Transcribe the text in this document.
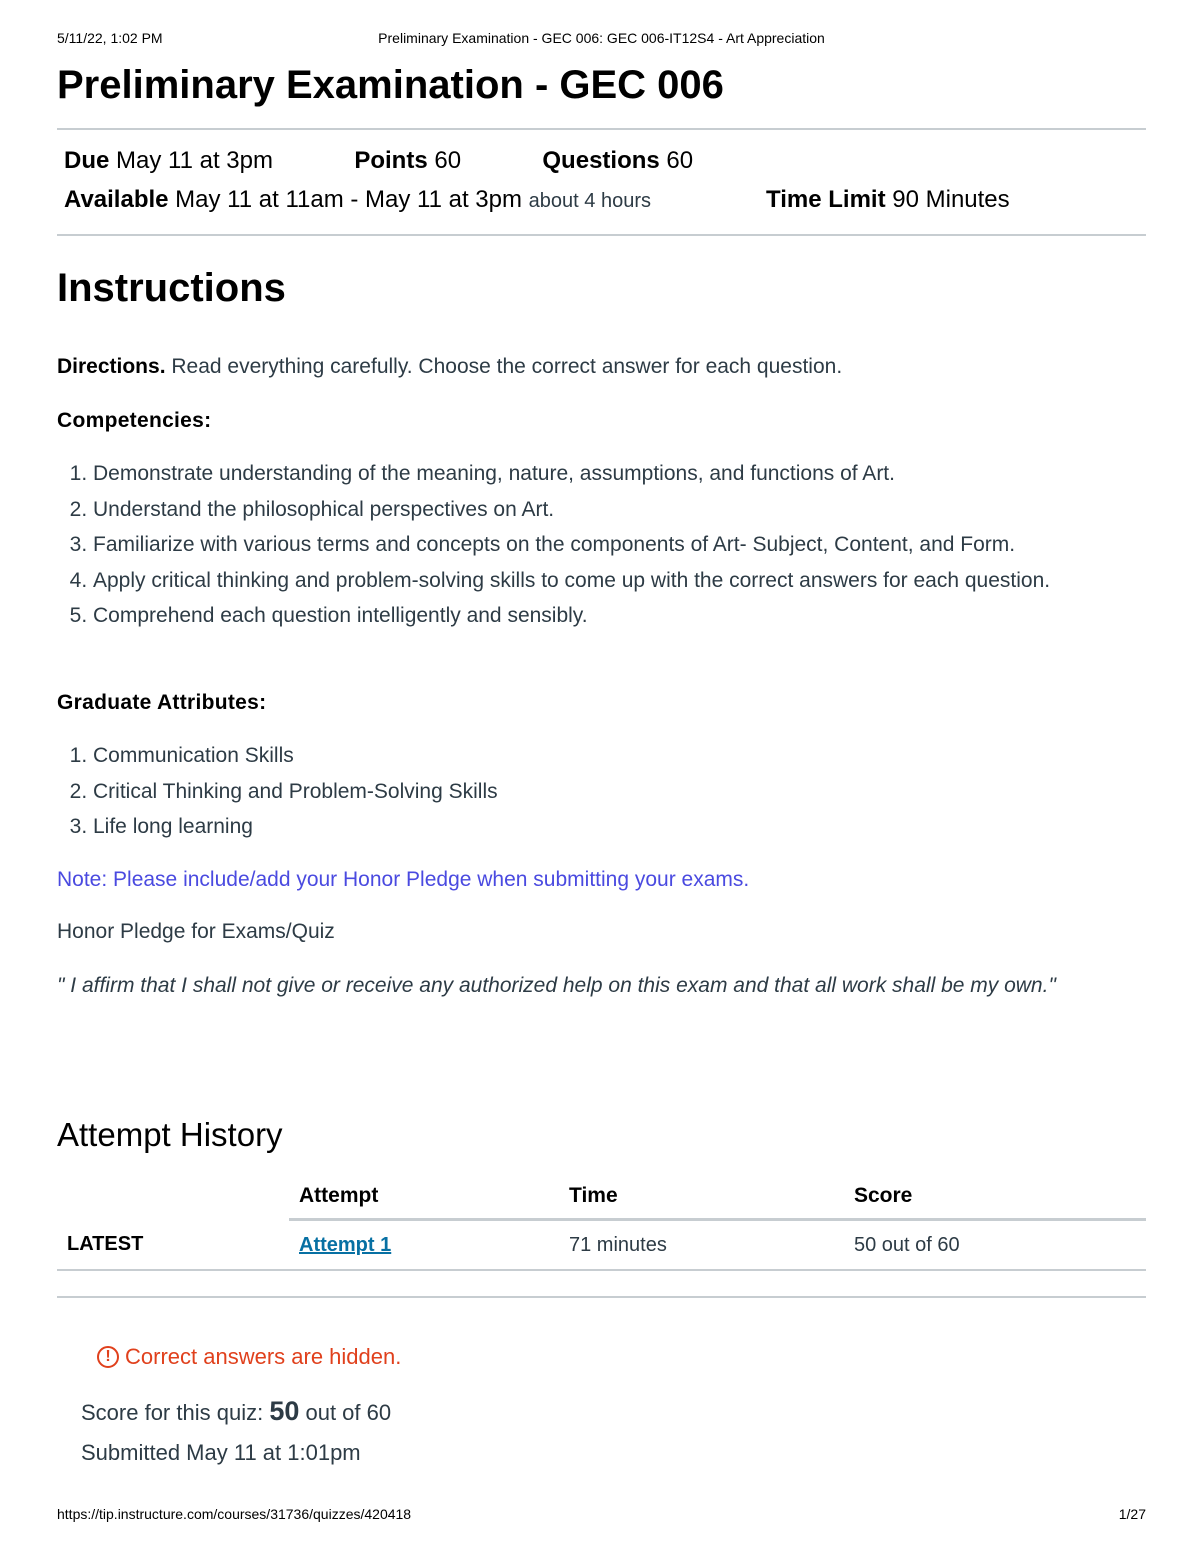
5/11/22, 1:02 PM	Preliminary Examination - GEC 006: GEC 006-IT12S4 - Art Appreciation
Preliminary Examination - GEC 006
Due May 11 at 3pm	Points 60	Questions 60
Available May 11 at 11am - May 11 at 3pm about 4 hours	Time Limit 90 Minutes
Instructions
Directions. Read everything carefully. Choose the correct answer for each question.
Competencies:
1. Demonstrate understanding of the meaning, nature, assumptions, and functions of Art.
2. Understand the philosophical perspectives on Art.
3. Familiarize with various terms and concepts on the components of Art- Subject, Content, and Form.
4. Apply critical thinking and problem-solving skills to come up with the correct answers for each question.
5. Comprehend each question intelligently and sensibly.
Graduate Attributes:
1. Communication Skills
2. Critical Thinking and Problem-Solving Skills
3. Life long learning
Note: Please include/add your Honor Pledge when submitting your exams.
Honor Pledge for Exams/Quiz
" I affirm that I shall not give or receive any authorized help on this exam and that all work shall be my own."
Attempt History
	Attempt	Time	Score
LATEST	Attempt 1	71 minutes	50 out of 60
! Correct answers are hidden.
Score for this quiz: 50 out of 60
Submitted May 11 at 1:01pm
https://tip.instructure.com/courses/31736/quizzes/420418	1/27
